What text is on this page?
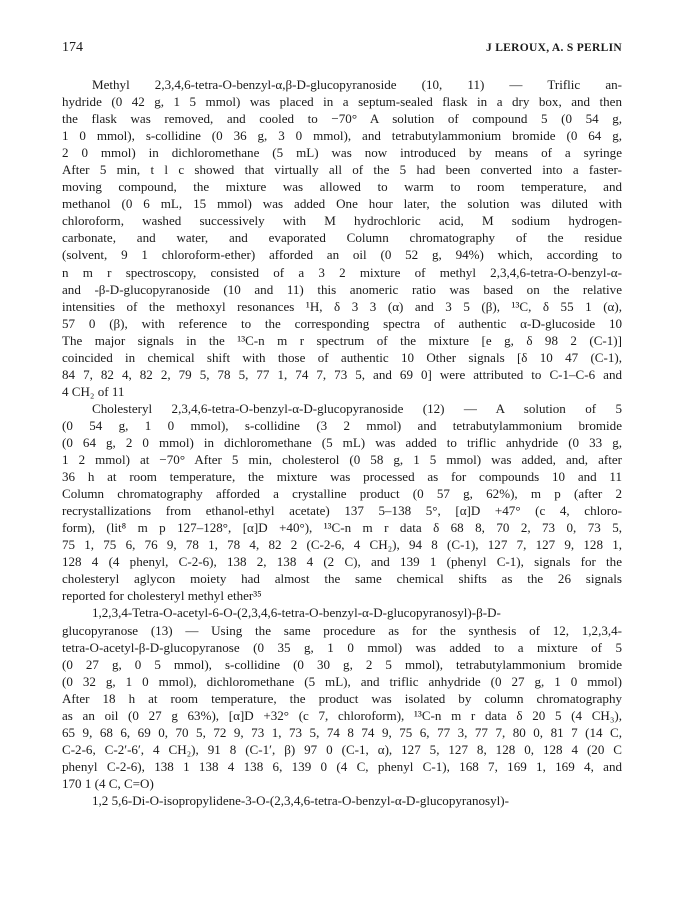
174	J LEROUX, A. S PERLIN
Methyl 2,3,4,6-tetra-O-benzyl-α,β-D-glucopyranoside (10, 11) — Triflic an-
hydride (0 42 g, 1 5 mmol) was placed in a septum-sealed flask in a dry box, and then
the flask was removed, and cooled to −70° A solution of compound 5 (0 54 g,
1 0 mmol), s-collidine (0 36 g, 3 0 mmol), and tetrabutylammonium bromide (0 64 g,
2 0 mmol) in dichloromethane (5 mL) was now introduced by means of a syringe
After 5 min, t l c showed that virtually all of the 5 had been converted into a faster-
moving compound, the mixture was allowed to warm to room temperature, and
methanol (0 6 mL, 15 mmol) was added One hour later, the solution was diluted with
chloroform, washed successively with M hydrochloric acid, M sodium hydrogen-
carbonate, and water, and evaporated Column chromatography of the residue
(solvent, 9 1 chloroform-ether) afforded an oil (0 52 g, 94%) which, according to
n m r spectroscopy, consisted of a 3 2 mixture of methyl 2,3,4,6-tetra-O-benzyl-α-
and -β-D-glucopyranoside (10 and 11) this anomeric ratio was based on the relative
intensities of the methoxyl resonances ¹H, δ 3 3 (α) and 3 5 (β), ¹³C, δ 55 1 (α),
57 0 (β), with reference to the corresponding spectra of authentic α-D-glucoside 10
The major signals in the ¹³C-n m r spectrum of the mixture [e g, δ 98 2 (C-1)]
coincided in chemical shift with those of authentic 10 Other signals [δ 10 47 (C-1),
84 7, 82 4, 82 2, 79 5, 78 5, 77 1, 74 7, 73 5, and 69 0] were attributed to C-1–C-6 and
4 CH₂ of 11
Cholesteryl 2,3,4,6-tetra-O-benzyl-α-D-glucopyranoside (12) — A solution of 5
(0 54 g, 1 0 mmol), s-collidine (3 2 mmol) and tetrabutylammonium bromide
(0 64 g, 2 0 mmol) in dichloromethane (5 mL) was added to triflic anhydride (0 33 g,
1 2 mmol) at −70° After 5 min, cholesterol (0 58 g, 1 5 mmol) was added, and, after
36 h at room temperature, the mixture was processed as for compounds 10 and 11
Column chromatography afforded a crystalline product (0 57 g, 62%), m p (after 2
recrystallizations from ethanol-ethyl acetate) 137 5–138 5°, [α]D +47° (c 4, chloro-
form), (lit⁸ m p 127–128°, [α]D +40°), ¹³C-n m r data δ 68 8, 70 2, 73 0, 73 5,
75 1, 75 6, 76 9, 78 1, 78 4, 82 2 (C-2-6, 4 CH₂), 94 8 (C-1), 127 7, 127 9, 128 1,
128 4 (4 phenyl, C-2-6), 138 2, 138 4 (2 C), and 139 1 (phenyl C-1), signals for the
cholesteryl aglycon moiety had almost the same chemical shifts as the 26 signals
reported for cholesteryl methyl ether³⁵
1,2,3,4-Tetra-O-acetyl-6-O-(2,3,4,6-tetra-O-benzyl-α-D-glucopyranosyl)-β-D-
glucopyranose (13) — Using the same procedure as for the synthesis of 12, 1,2,3,4-
tetra-O-acetyl-β-D-glucopyranose (0 35 g, 1 0 mmol) was added to a mixture of 5
(0 27 g, 0 5 mmol), s-collidine (0 30 g, 2 5 mmol), tetrabutylammonium bromide
(0 32 g, 1 0 mmol), dichloromethane (5 mL), and triflic anhydride (0 27 g, 1 0 mmol)
After 18 h at room temperature, the product was isolated by column chromatography
as an oil (0 27 g 63%), [α]D +32° (c 7, chloroform), ¹³C-n m r data δ 20 5 (4 CH₃),
65 9, 68 6, 69 0, 70 5, 72 9, 73 1, 73 5, 74 8 74 9, 75 6, 77 3, 77 7, 80 0, 81 7 (14 C,
C-2-6, C-2′-6′, 4 CH₂), 91 8 (C-1′, β) 97 0 (C-1, α), 127 5, 127 8, 128 0, 128 4 (20 C
phenyl C-2-6), 138 1 138 4 138 6, 139 0 (4 C, phenyl C-1), 168 7, 169 1, 169 4, and
170 1 (4 C, C=O)
1,2 5,6-Di-O-isopropylidene-3-O-(2,3,4,6-tetra-O-benzyl-α-D-glucopyranosyl)-
